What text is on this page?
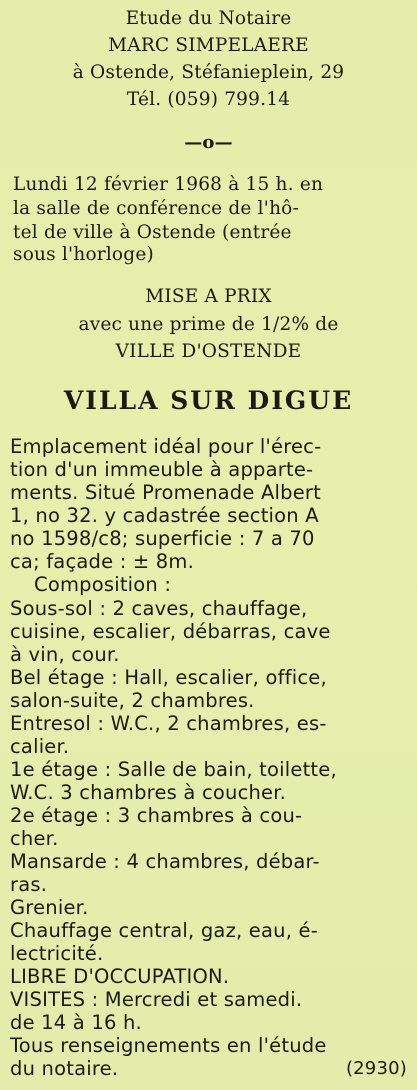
Etude du Notaire
MARC SIMPELAERE
à Ostende, Stéfanieplein, 29
Tél. (059) 799.14
—o—
Lundi 12 février 1968 à 15 h. en
la salle de conférence de l'hô-
tel de ville à Ostende (entrée
sous l'horloge)
MISE A PRIX
avec une prime de 1/2% de
VILLE D'OSTENDE
VILLA SUR DIGUE
Emplacement idéal pour l'érec-
tion d'un immeuble à apparte-
ments. Situé Promenade Albert
1, no 32. y cadastrée section A
no 1598/c8; superficie : 7 a 70
ca; façade : ± 8m.
Composition :
Sous-sol : 2 caves, chauffage,
cuisine, escalier, débarras, cave
à vin, cour.
Bel étage : Hall, escalier, office,
salon-suite, 2 chambres.
Entresol : W.C., 2 chambres, es-
calier.
1e étage : Salle de bain, toilette,
W.C. 3 chambres à coucher.
2e étage : 3 chambres à cou-
cher.
Mansarde : 4 chambres, débar-
ras.
Grenier.
Chauffage central, gaz, eau, é-
lectricité.
LIBRE D'OCCUPATION.
VISITES : Mercredi et samedi.
de 14 à 16 h.
Tous renseignements en l'étude
du notaire.	(2930)
